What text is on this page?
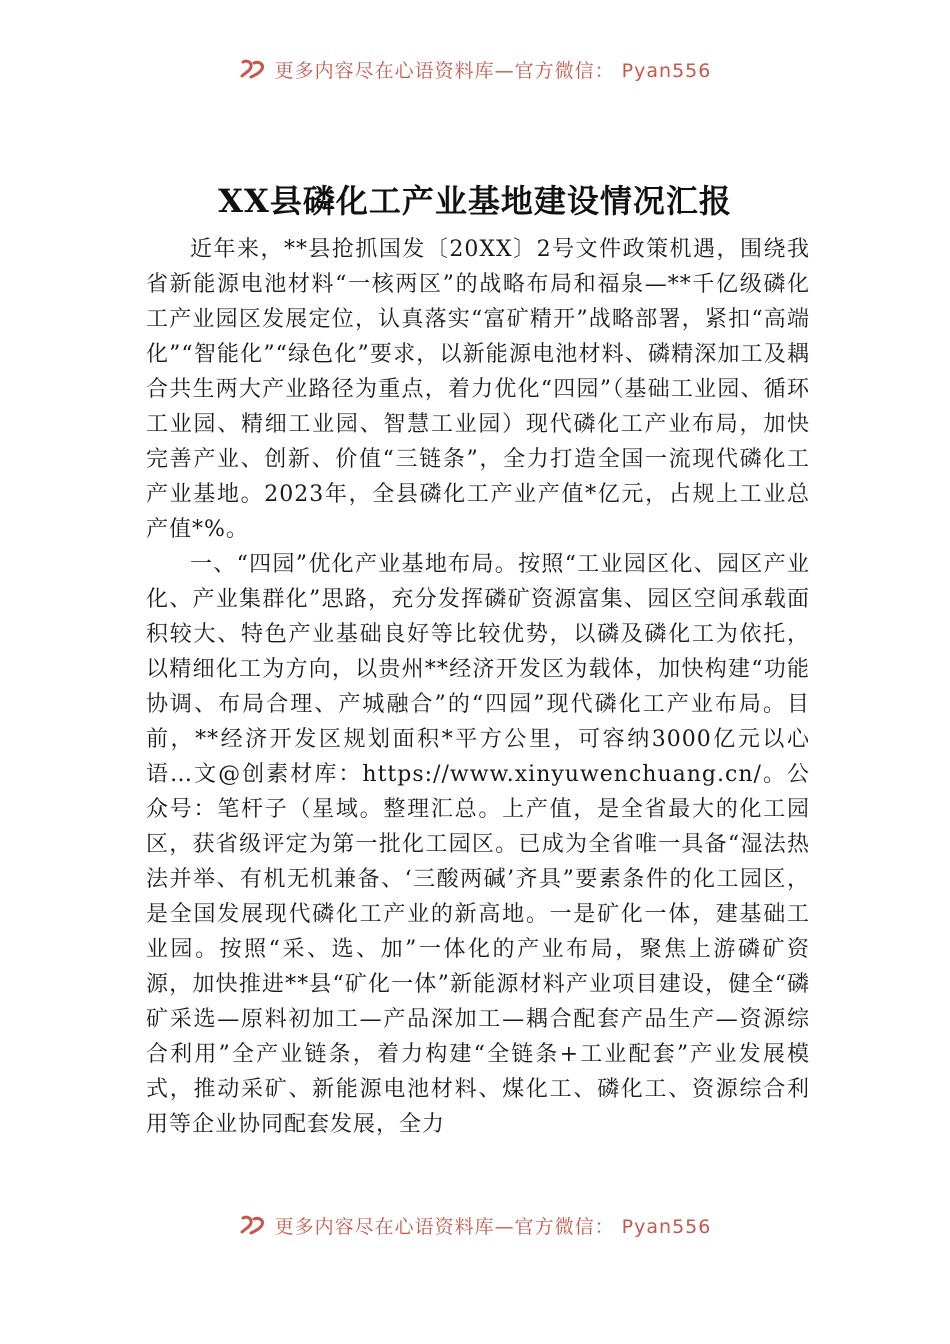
更多内容尽在心语资料库—官方微信： Pyan556
XX县磷化工产业基地建设情况汇报

近年来，**县抢抓国发〔20XX〕2号文件政策机遇，围绕我省新能源电池材料“一核两区”的战略布局和福泉—**千亿级磷化工产业园区发展定位，认真落实“富矿精开”战略部署，紧扣“高端化”“智能化”“绿色化”要求，以新能源电池材料、磷精深加工及耦合共生两大产业路径为重点，着力优化“四园”（基础工业园、循环工业园、精细工业园、智慧工业园）现代磷化工产业布局，加快完善产业、创新、价值“三链条”，全力打造全国一流现代磷化工产业基地。2023年，全县磷化工产业产值*亿元，占规上工业总产值*%。

一、“四园”优化产业基地布局。按照“工业园区化、园区产业化、产业集群化”思路，充分发挥磷矿资源富集、园区空间承载面积较大、特色产业基础良好等比较优势，以磷及磷化工为依托，以精细化工为方向，以贵州**经济开发区为载体，加快构建“功能协调、布局合理、产城融合”的“四园”现代磷化工产业布局。目前，**经济开发区规划面积*平方公里，可容纳3000亿元以心语…文@创素材库：https://www.xinyuwenchuang.cn/。公众号：笔杆子（星域。整理汇总。上产值，是全省最大的化工园区，获省级评定为第一批化工园区。已成为全省唯一具备“湿法热法并举、有机无机兼备、‘三酸两碱’齐具”要素条件的化工园区，是全国发展现代磷化工产业的新高地。一是矿化一体，建基础工业园。按照“采、选、加”一体化的产业布局，聚焦上游磷矿资源，加快推进**县“矿化一体”新能源材料产业项目建设，健全“磷矿采选—原料初加工—产品深加工—耦合配套产品生产—资源综合利用”全产业链条，着力构建“全链条+工业配套”产业发展模式，推动采矿、新能源电池材料、煤化工、磷化工、资源综合利用等企业协同配套发展，全力

更多内容尽在心语资料库—官方微信： Pyan556
